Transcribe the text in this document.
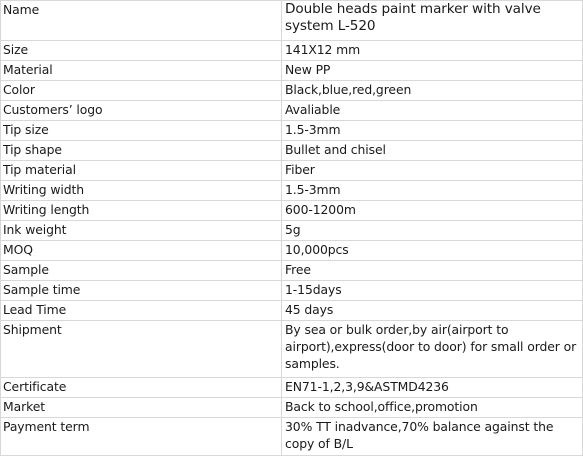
Name	Double heads paint marker with valve system L-520
Size	141X12 mm
Material	New PP
Color	Black,blue,red,green
Customers’ logo	Avaliable
Tip size	1.5-3mm
Tip shape	Bullet and chisel
Tip material	Fiber
Writing width	1.5-3mm
Writing length	600-1200m
Ink weight	5g
MOQ	10,000pcs
Sample	Free
Sample time	1-15days
Lead Time	45 days
Shipment	By sea or bulk order,by air(airport to airport),express(door to door) for small order or samples.
Certificate	EN71-1,2,3,9&ASTMD4236
Market	Back to school,office,promotion
Payment term	30% TT inadvance,70% balance against the copy of B/L
